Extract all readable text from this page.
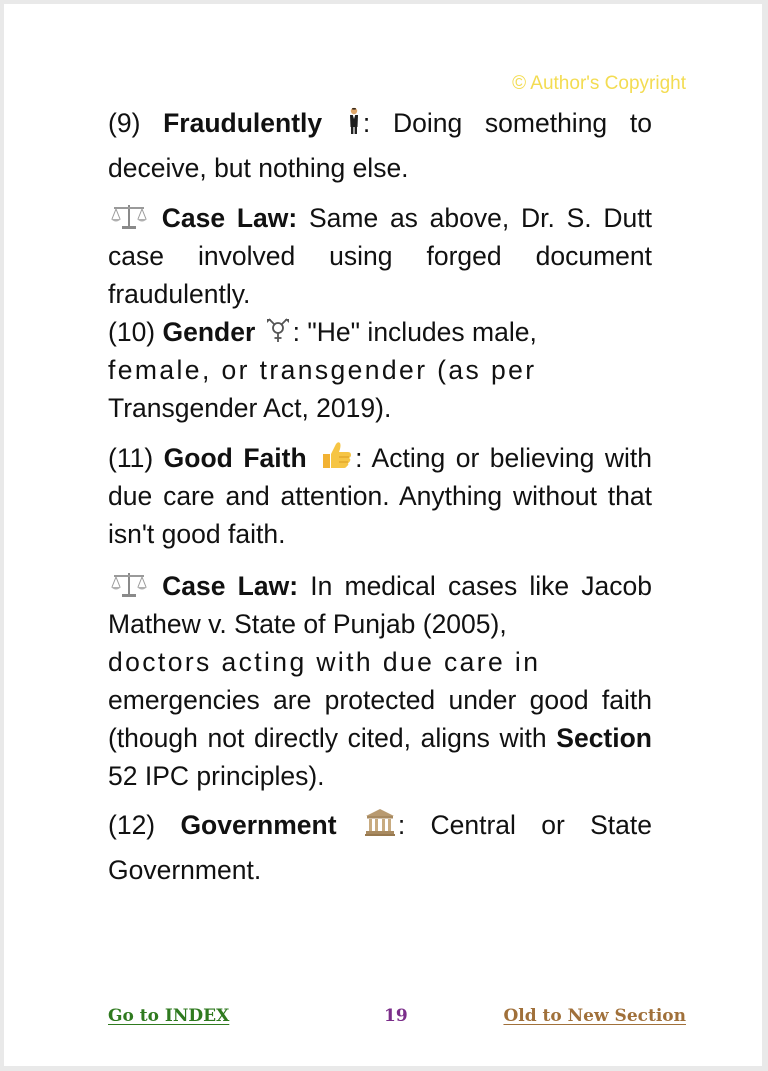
© Author's Copyright

(9) Fraudulently : Doing something to deceive, but nothing else.

Case Law: Same as above, Dr. S. Dutt case involved using forged document fraudulently.

(10) Gender : "He" includes male,
female, or transgender (as per
Transgender Act, 2019).

(11) Good Faith : Acting or believing with due care and attention. Anything without that isn't good faith.

Case Law: In medical cases like Jacob Mathew v. State of Punjab (2005),
doctors acting with due care in
emergencies are protected under good faith (though not directly cited, aligns with Section 52 IPC principles).

(12) Government : Central or State Government.

Go to INDEX	19	Old to New Section
